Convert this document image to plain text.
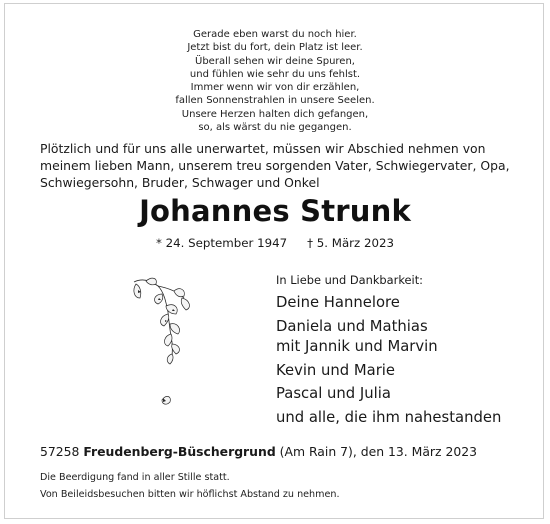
Gerade eben warst du noch hier.
Jetzt bist du fort, dein Platz ist leer.
Überall sehen wir deine Spuren,
und fühlen wie sehr du uns fehlst.
Immer wenn wir von dir erzählen,
fallen Sonnenstrahlen in unsere Seelen.
Unsere Herzen halten dich gefangen,
so, als wärst du nie gegangen.
Plötzlich und für uns alle unerwartet, müssen wir Abschied nehmen von meinem lieben Mann, unserem treu sorgenden Vater, Schwiegervater, Opa, Schwiegersohn, Bruder, Schwager und Onkel
Johannes Strunk
* 24. September 1947 † 5. März 2023
In Liebe und Dankbarkeit:
Deine Hannelore
Daniela und Mathias
mit Jannik und Marvin
Kevin und Marie
Pascal und Julia
und alle, die ihm nahestanden
57258 Freudenberg-Büschergrund (Am Rain 7), den 13. März 2023
Die Beerdigung fand in aller Stille statt.
Von Beileidsbesuchen bitten wir höflichst Abstand zu nehmen.
